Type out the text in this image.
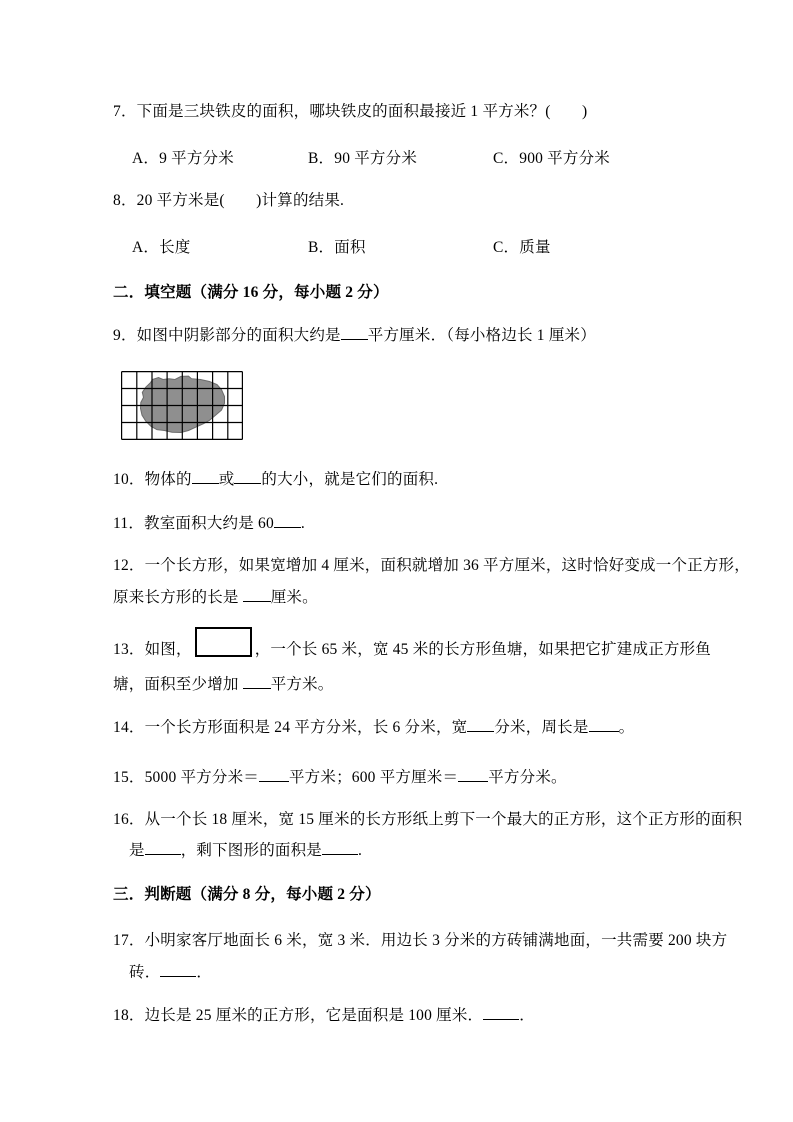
7．下面是三块铁皮的面积，哪块铁皮的面积最接近 1 平方米？(　　)
A．9 平方分米	B．90 平方分米	C．900 平方分米
8．20 平方米是(　　)计算的结果.
A．长度	B．面积	C．质量
二．填空题（满分 16 分，每小题 2 分）
9．如图中阴影部分的面积大约是 平方厘米．（每小格边长 1 厘米）
10．物体的 或 的大小，就是它们的面积.
11．教室面积大约是 60 .
12．一个长方形，如果宽增加 4 厘米，面积就增加 36 平方厘米，这时恰好变成一个正方形，
原来长方形的长是 厘米。
13．如图，	，一个长 65 米，宽 45 米的长方形鱼塘，如果把它扩建成正方形鱼
塘，面积至少增加 平方米。
14．一个长方形面积是 24 平方分米，长 6 分米，宽 分米，周长是 。
15．5000 平方分米＝ 平方米；600 平方厘米＝ 平方分米。
16．从一个长 18 厘米，宽 15 厘米的长方形纸上剪下一个最大的正方形，这个正方形的面积
是 ，剩下图形的面积是 .
三．判断题（满分 8 分，每小题 2 分）
17．小明家客厅地面长 6 米，宽 3 米．用边长 3 分米的方砖铺满地面，一共需要 200 块方
砖． ．
18．边长是 25 厘米的正方形，它是面积是 100 厘米． ．
